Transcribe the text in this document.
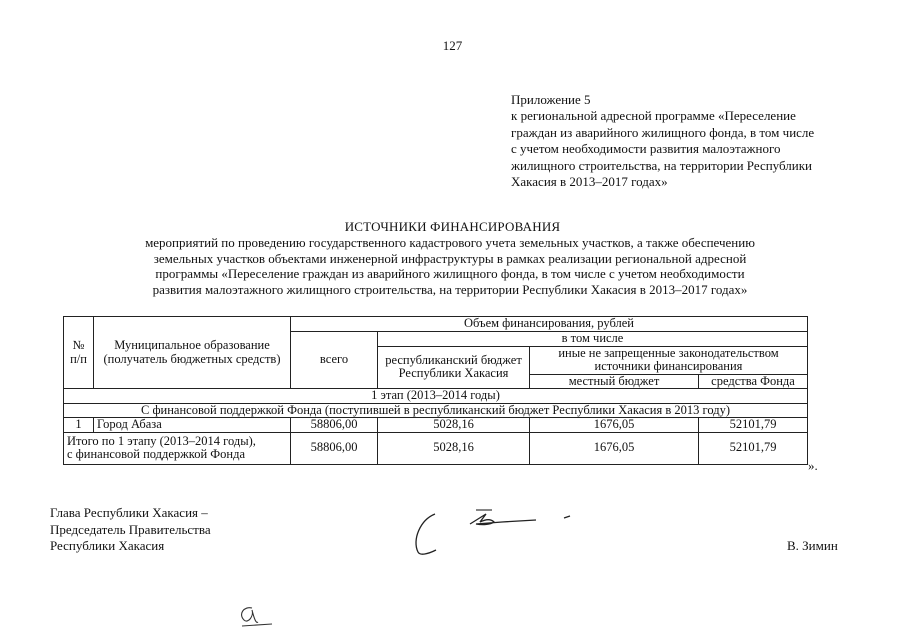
127
Приложение 5
к региональной адресной программе «Переселение
граждан из аварийного жилищного фонда, в том числе
с учетом необходимости развития малоэтажного
жилищного строительства, на территории Республики
Хакасия в 2013–2017 годах»
ИСТОЧНИКИ ФИНАНСИРОВАНИЯ
мероприятий по проведению государственного кадастрового учета земельных участков, а также обеспечению
земельных участков объектами инженерной инфраструктуры в рамках реализации региональной адресной
программы «Переселение граждан из аварийного жилищного фонда, в том числе с учетом необходимости
развития малоэтажного жилищного строительства, на территории Республики Хакасия в 2013–2017 годах»
№
п/п	Муниципальное образование (получатель бюджетных средств)	Объем финансирования, рублей			
		всего	в том числе		
			республиканский бюджет Республики Хакасия	иные не запрещенные законодательством источники финансирования	
				местный бюджет	средства Фонда
1 этап (2013–2014 годы)					
С финансовой поддержкой Фонда (поступившей в республиканский бюджет Республики Хакасия в 2013 году)					
1	Город Абаза	58806,00	5028,16	1676,05	52101,79

Итого по 1 этапу (2013–2014 годы),
с финансовой поддержкой Фонда		58806,00	5028,16	1676,05	52101,79
».
Глава Республики Хакасия –
Председатель Правительства
Республики Хакасия	В. Зимин
